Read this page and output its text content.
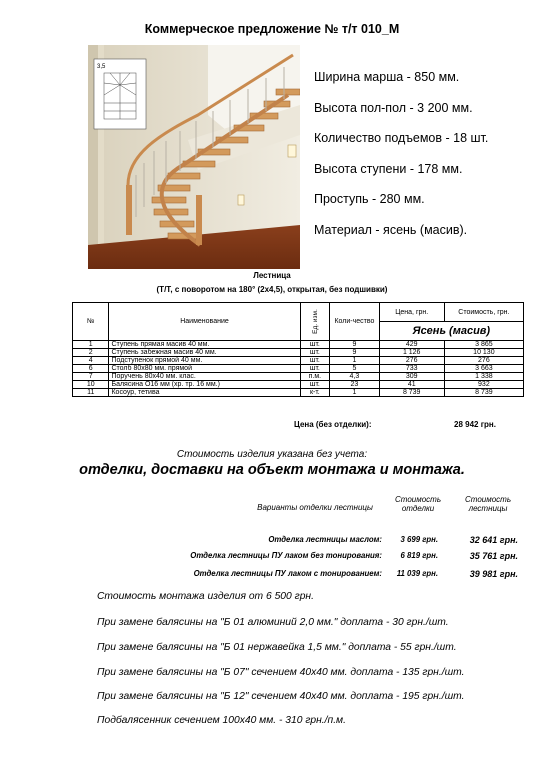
Коммерческое предложение № т/т 010_М
3,5
Ширина марша - 850 мм.
Высота пол-пол - 3 200 мм.
Количество подъемов - 18 шт.
Высота ступени - 178 мм.
Проступь - 280 мм.
Материал - ясень (масив).
Лестница
(Т/Т, с поворотом на 180° (2х4,5), открытая, без подшивки)
№	Наименование	Ед. изм.	Коли-чество	Цена, грн.	Стоимость, грн.
				Ясень (масив)	
1	Ступень прямая масив 40 мм.	шт.	9	429	3 865
2	Ступень забежная масив 40 мм.	шт.	9	1 126	10 130
4	Подступенок прямой 40 мм.	шт.	1	276	276
6	Столб 80х80 мм. прямой	шт.	5	733	3 663
7	Поручень 80х40 мм. клас.	п.м.	4,3	309	1 338
10	Балясина О16 мм (хр. тр. 16 мм.)	шт.	23	41	932
11	Косоур, тетива	к-т.	1	8 739	8 739
Цена (без отделки):	28 942 грн.
Стоимость изделия указана без учета:
отделки, доставки на объект монтажа и монтажа.
Варианты отделки лестницы
Стоимость отделки
Стоимость лестницы
Отделка лестницы маслом:	3 699 грн.	32 641 грн.
Отделка лестницы ПУ лаком без тонирования:	6 819 грн.	35 761 грн.
Отделка лестницы ПУ лаком с тонированием:	11 039 грн.	39 981 грн.
Стоимость монтажа изделия от 6 500 грн.
При замене балясины на "Б 01 алюминий 2,0 мм." доплата - 30 грн./шт.
При замене балясины на "Б 01 нержавейка 1,5 мм." доплата - 55 грн./шт.
При замене балясины на "Б 07" сечением 40х40 мм. доплата - 135 грн./шт.
При замене балясины на "Б 12" сечением 40х40 мм. доплата - 195 грн./шт.
Подбалясенник сечением 100х40 мм. - 310 грн./п.м.
